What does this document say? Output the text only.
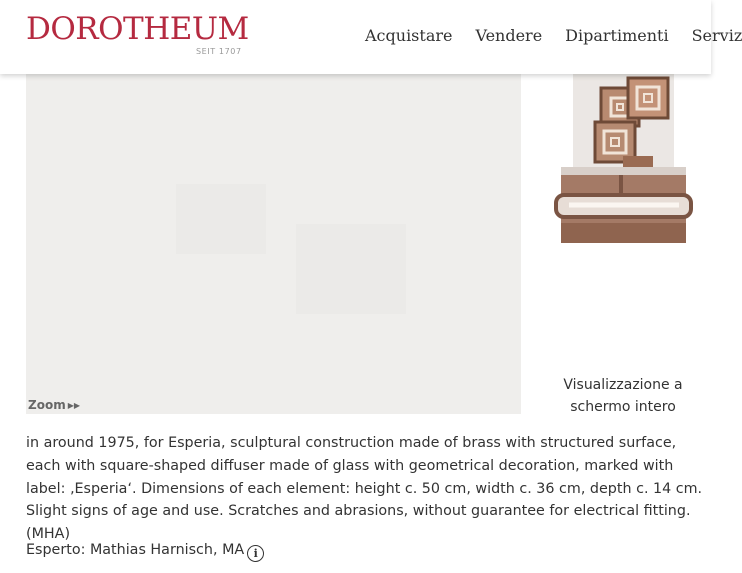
DOROTHEUM
SEIT 1707
Acquistare Vendere Dipartimenti Serviz
Zoom ▶▶
Visualizzazione a schermo intero
in around 1975, for Esperia, sculptural construction made of brass with structured surface, each with square-shaped diffuser made of glass with geometrical decoration, marked with label: ‚Esperia‘. Dimensions of each element: height c. 50 cm, width c. 36 cm, depth c. 14 cm. Slight signs of age and use. Scratches and abrasions, without guarantee for electrical fitting. (MHA)
Esperto: Mathias Harnisch, MA i
